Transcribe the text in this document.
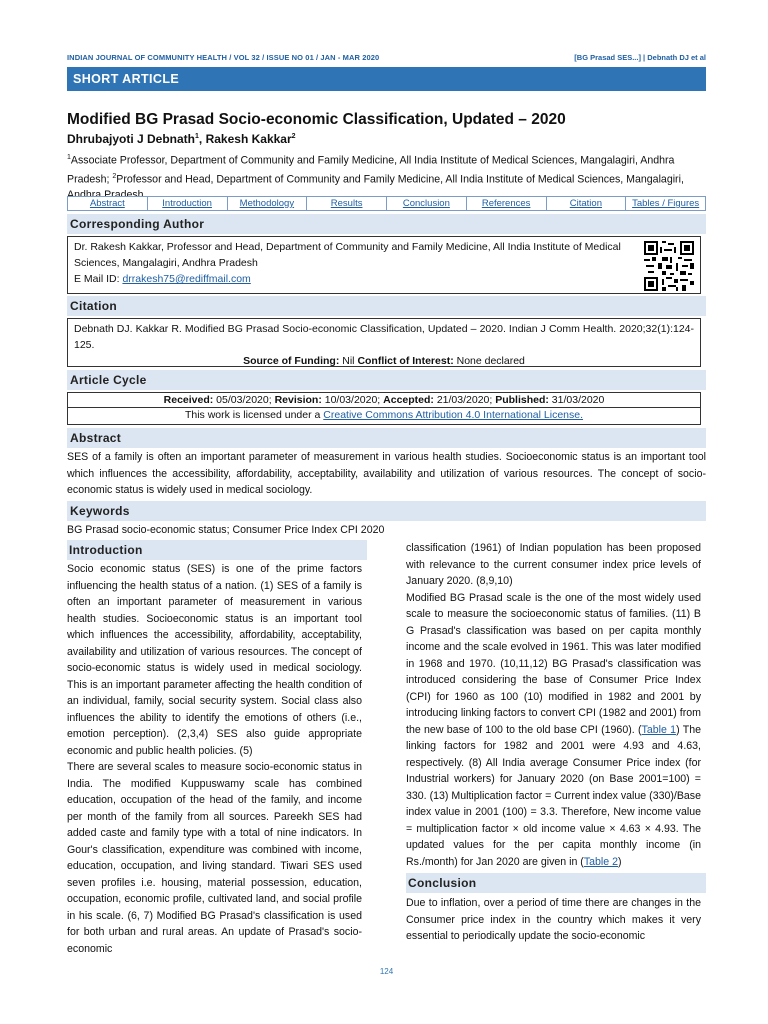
INDIAN JOURNAL OF COMMUNITY HEALTH / VOL 32 / ISSUE NO 01 / JAN - MAR 2020	[BG Prasad SES...] | Debnath DJ et al
SHORT ARTICLE
Modified BG Prasad Socio-economic Classification, Updated – 2020
Dhrubajyoti J Debnath$^1$, Rakesh Kakkar$^2$
$^1$Associate Professor, Department of Community and Family Medicine, All India Institute of Medical Sciences, Mangalagiri, Andhra Pradesh; $^2$Professor and Head, Department of Community and Family Medicine, All India Institute of Medical Sciences, Mangalagiri,
Abstract	Introduction	Methodology	Results	Conclusion	References	Citation	Tables / Figures
Corresponding Author
Dr. Rakesh Kakkar, Professor and Head, Department of Community and Family Medicine, All India Institute of Medical Sciences, Mangalagiri, Andhra Pradesh
E Mail ID: drrakesh75@rediffmail.com
Citation
Debnath DJ. Kakkar R. Modified BG Prasad Socio-economic Classification, Updated – 2020. Indian J Comm Health. 2020;32(1):124-125.
Source of Funding: Nil Conflict of Interest: None declared
Article Cycle
Received: 05/03/2020; Revision: 10/03/2020; Accepted: 21/03/2020; Published: 31/03/2020
This work is licensed under a Creative Commons Attribution 4.0 International License.
Abstract
SES of a family is often an important parameter of measurement in various health studies. Socioeconomic status is an important tool which influences the accessibility, affordability, acceptability, availability and utilization of various resources. The concept of socio-economic status is widely used in medical sociology.
Keywords
BG Prasad socio-economic status; Consumer Price Index CPI 2020
Introduction

Socio economic status (SES) is one of the prime factors influencing the health status of a nation. (1) SES of a family is often an important parameter of measurement in various health studies. Socioeconomic status is an important tool which influences the accessibility, affordability, acceptability, availability and utilization of various resources. The concept of socio-economic status is widely used in medical sociology. This is an important parameter affecting the health condition of an individual, family, social security system. Social class also influences the ability to identify the emotions of others (i.e., emotion perception). (2,3,4) SES also guide appropriate economic and public health policies. (5)

There are several scales to measure socio-economic status in India. The modified Kuppuswamy scale has combined education, occupation of the head of the family, and income per month of the family from all sources. Pareekh SES had added caste and family type with a total of nine indicators. In Gour's classification, expenditure was combined with income, education, occupation, and living standard. Tiwari SES used seven profiles i.e. housing, material possession, education, occupation, economic profile, cultivated land, and social profile in his scale. (6, 7) Modified BG Prasad's classification is used for both urban and rural areas. An update of Prasad's socio-economic

classification (1961) of Indian population has been proposed with relevance to the current consumer index price levels of January 2020. (8,9,10)

Modified BG Prasad scale is the one of the most widely used scale to measure the socioeconomic status of families. (11) B G Prasad's classification was based on per capita monthly income and the scale evolved in 1961. This was later modified in 1968 and 1970. (10,11,12) BG Prasad's classification was introduced considering the base of Consumer Price Index (CPI) for 1960 as 100 (10) modified in 1982 and 2001 by introducing linking factors to convert CPI (1982 and 2001) from the new base of 100 to the old base CPI (1960). (Table 1) The linking factors for 1982 and 2001 were 4.93 and 4.63, respectively. (8) All India average Consumer Price index (for Industrial workers) for January 2020 (on Base 2001=100) = 330. (13) Multiplication factor = Current index value (330)/Base index value in 2001 (100) = 3.3. Therefore, New income value = multiplication factor × old income value × 4.63 × 4.93. The updated values for the per capita monthly income (in Rs./month) for Jan 2020 are given in (Table 2)

Conclusion
Due to inflation, over a period of time there are changes in the Consumer price index in the country which makes it very essential to periodically update the socio-economic
124
